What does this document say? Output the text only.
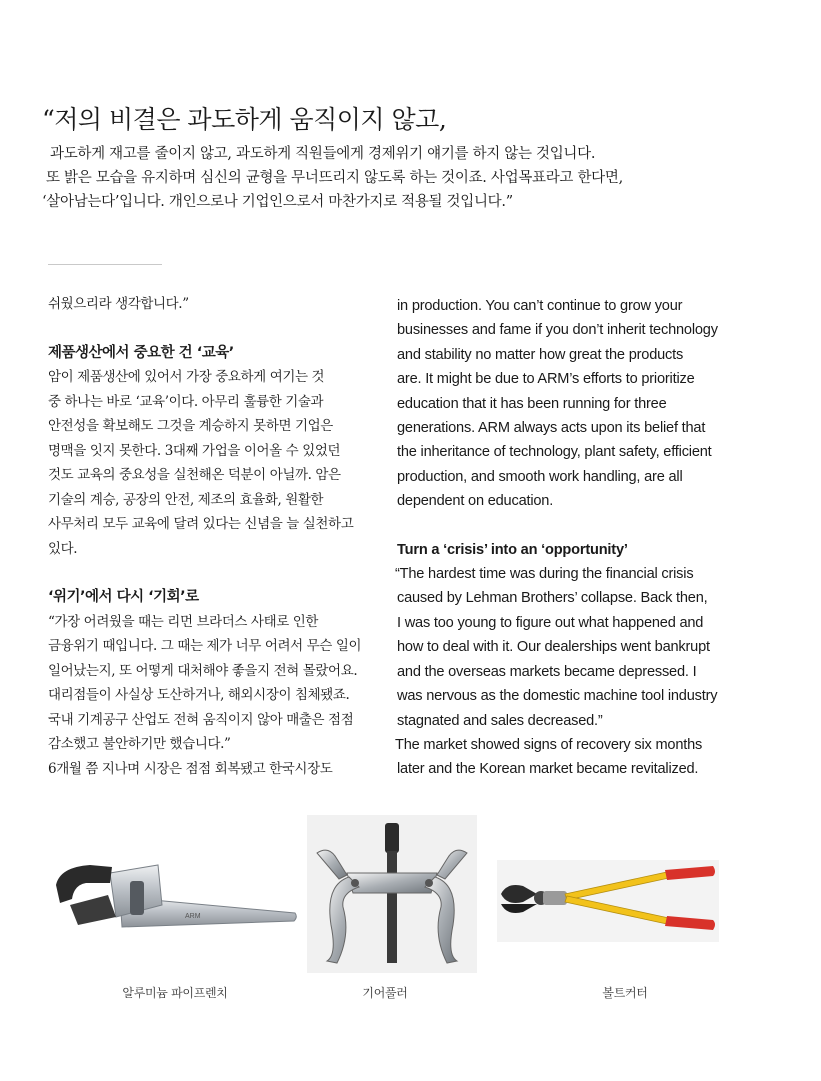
“저의 비결은 과도하게 움직이지 않고,
과도하게 재고를 줄이지 않고, 과도하게 직원들에게 경제위기 얘기를 하지 않는 것입니다.
또 밝은 모습을 유지하며 심신의 균형을 무너뜨리지 않도록 하는 것이죠. 사업목표라고 한다면,
‘살아남는다’입니다. 개인으로나 기업인으로서 마찬가지로 적용될 것입니다.”
쉬웠으리라 생각합니다.”
제품생산에서 중요한 건 ‘교육’
암이 제품생산에 있어서 가장 중요하게 여기는 것
중 하나는 바로 ‘교육’이다. 아무리 훌륭한 기술과
안전성을 확보해도 그것을 계승하지 못하면 기업은
명맥을 잇지 못한다. 3대째 가업을 이어올 수 있었던
것도 교육의 중요성을 실천해온 덕분이 아닐까. 암은
기술의 계승, 공장의 안전, 제조의 효율화, 원활한
사무처리 모두 교육에 달려 있다는 신념을 늘 실천하고
있다.
‘위기’에서 다시 ‘기회’로
“가장 어려웠을 때는 리먼 브라더스 사태로 인한
금융위기 때입니다. 그 때는 제가 너무 어려서 무슨 일이
일어났는지, 또 어떻게 대처해야 좋을지 전혀 몰랐어요.
대리점들이 사실상 도산하거나, 해외시장이 침체됐죠.
국내 기계공구 산업도 전혀 움직이지 않아 매출은 점점
감소했고 불안하기만 했습니다.”
6개월 쯤 지나며 시장은 점점 회복됐고 한국시장도
in production. You can’t continue to grow your
businesses and fame if you don’t inherit technology
and stability no matter how great the products
are. It might be due to ARM’s efforts to prioritize
education that it has been running for three
generations. ARM always acts upon its belief that
the inheritance of technology, plant safety, efficient
production, and smooth work handling, are all
dependent on education.
Turn a ‘crisis’ into an ‘opportunity’
“The hardest time was during the financial crisis
caused by Lehman Brothers’ collapse. Back then,
I was too young to figure out what happened and
how to deal with it. Our dealerships went bankrupt
and the overseas markets became depressed. I
was nervous as the domestic machine tool industry
stagnated and sales decreased.”
The market showed signs of recovery six months
later and the Korean market became revitalized.
ARM
알루미늄 파이프렌치	기어풀러	볼트커터
